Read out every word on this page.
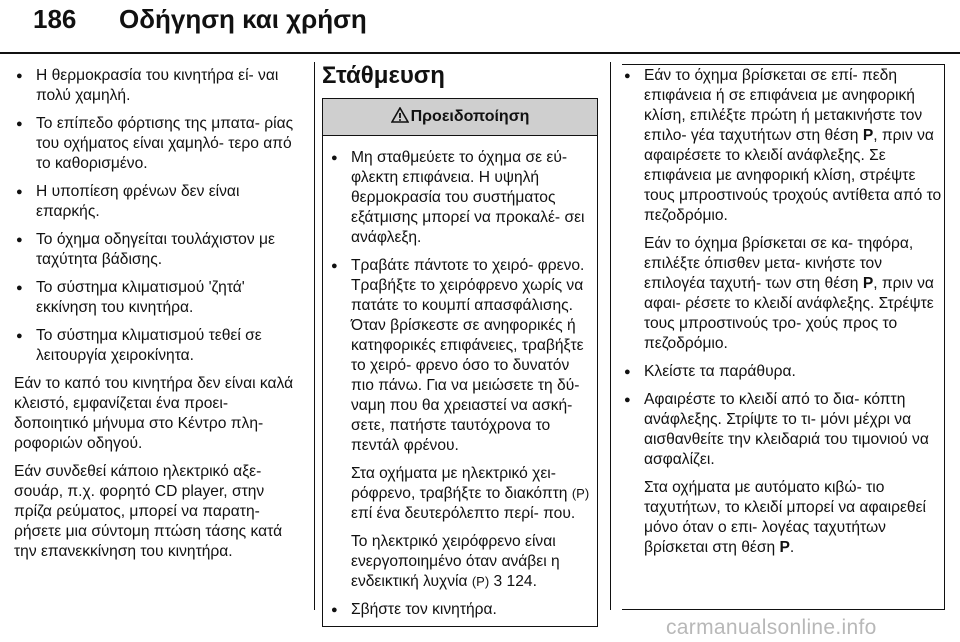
186 Οδήγηση και χρήση
● Η θερμοκρασία του κινητήρα εί- ναι πολύ χαμηλή.
● Το επίπεδο φόρτισης της μπατα- ρίας του οχήματος είναι χαμηλό- τερο από το καθορισμένο.
● Η υποπίεση φρένων δεν είναι επαρκής.
● Το όχημα οδηγείται τουλάχιστον με ταχύτητα βάδισης.
● Το σύστημα κλιματισμού 'ζητά' εκκίνηση του κινητήρα.
● Το σύστημα κλιματισμού τεθεί σε λειτουργία χειροκίνητα.

Εάν το καπό του κινητήρα δεν είναι καλά κλειστό, εμφανίζεται ένα προει- δοποιητικό μήνυμα στο Κέντρο πλη- ροφοριών οδηγού.

Εάν συνδεθεί κάποιο ηλεκτρικό αξε- σουάρ, π.χ. φορητό CD player, στην πρίζα ρεύματος, μπορεί να παρατη- ρήσετε μια σύντομη πτώση τάσης κατά την επανεκκίνηση του κινητήρα.

Στάθμευση
Προειδοποίηση
● Μη σταθμεύετε το όχημα σε εύ- φλεκτη επιφάνεια. Η υψηλή θερμοκρασία του συστήματος εξάτμισης μπορεί να προκαλέ- σει ανάφλεξη.
● Τραβάτε πάντοτε το χειρό- φρενο. Τραβήξτε το χειρόφρενο χωρίς να πατάτε το κουμπί απασφάλισης. Όταν βρίσκεστε σε ανηφορικές ή κατηφορικές επιφάνειες, τραβήξτε το χειρό- φρενο όσο το δυνατόν πιο πάνω. Για να μειώσετε τη δύ- ναμη που θα χρειαστεί να ασκή- σετε, πατήστε ταυτόχρονα το πεντάλ φρένου.

Στα οχήματα με ηλεκτρικό χει- ρόφρενο, τραβήξτε το διακόπτη (P) επί ένα δευτερόλεπτο περί- που.

Το ηλεκτρικό χειρόφρενο είναι ενεργοποιημένο όταν ανάβει η ενδεικτική λυχνία (P) 3 124.

● Σβήστε τον κινητήρα.
● Εάν το όχημα βρίσκεται σε επί- πεδη επιφάνεια ή σε επιφάνεια με ανηφορική κλίση, επιλέξτε πρώτη ή μετακινήστε τον επιλο- γέα ταχυτήτων στη θέση P, πριν να αφαιρέσετε το κλειδί ανάφλεξης. Σε επιφάνεια με ανηφορική κλίση, στρέψτε τους μπροστινούς τροχούς αντίθετα από το πεζοδρόμιο.

Εάν το όχημα βρίσκεται σε κα- τηφόρα, επιλέξτε όπισθεν μετα- κινήστε τον επιλογέα ταχυτή- των στη θέση P, πριν να αφαι- ρέσετε το κλειδί ανάφλεξης. Στρέψτε τους μπροστινούς τρο- χούς προς το πεζοδρόμιο.

● Κλείστε τα παράθυρα.
● Αφαιρέστε το κλειδί από το δια- κόπτη ανάφλεξης. Στρίψτε το τι- μόνι μέχρι να αισθανθείτε την κλειδαριά του τιμονιού να ασφαλίζει.

Στα οχήματα με αυτόματο κιβώ- τιο ταχυτήτων, το κλειδί μπορεί να αφαιρεθεί μόνο όταν ο επι- λογέας ταχυτήτων βρίσκεται στη θέση P.

carmanualsonline.info
